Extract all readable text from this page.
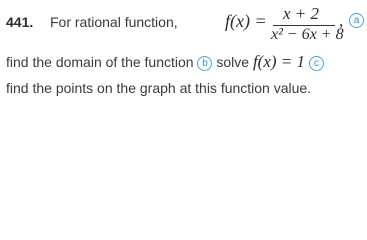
441. For rational function,	f(x) = x + 2
x² − 6x + 8
,	a
find the domain of the function b solve f(x) = 1 c
find the points on the graph at this function value.
